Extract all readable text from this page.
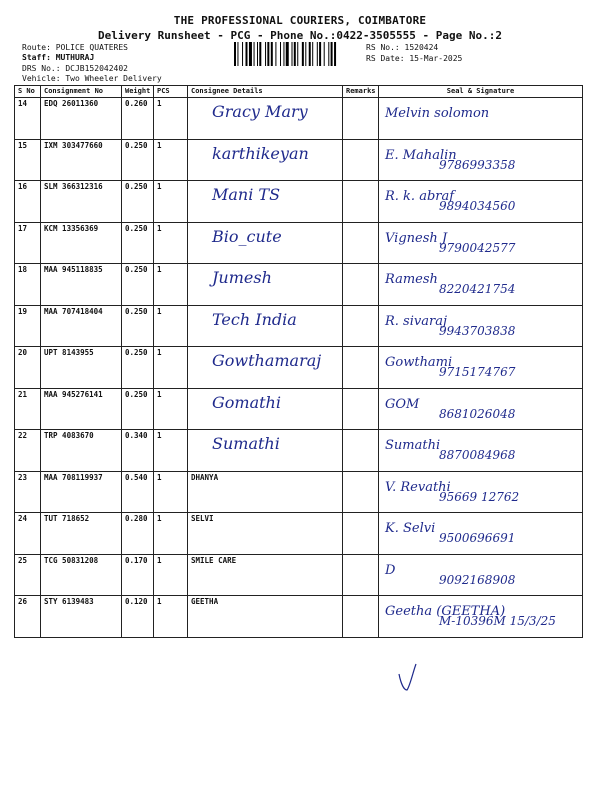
THE PROFESSIONAL COURIERS, COIMBATORE
Delivery Runsheet - PCG - Phone No.:0422-3505555 - Page No.:2
Route: POLICE QUATERES
Staff: MUTHURAJ
DRS No.: DCJB152042402
Vehicle: Two Wheeler Delivery
RS No.: 1520424
RS Date: 15-Mar-2025
S No	Consignment No	Weight	PCS	Consignee Details	Remarks	Seal & Signature
14	EDQ 26011360	0.260	1	Gracy Mary		Melvin solomon

15	IXM 303477660	0.250	1	karthikeyan		E. Mahalin
9786993358

16	SLM 366312316	0.250	1	Mani TS		R. k. abraf
9894034560

17	KCM 13356369	0.250	1	Bio_cute		Vignesh J
9790042577

18	MAA 945118835	0.250	1	Jumesh		Ramesh
8220421754

19	MAA 707418404	0.250	1	Tech India		R. sivaraj
9943703838

20	UPT 8143955	0.250	1	Gowthamaraj		Gowthami
9715174767

21	MAA 945276141	0.250	1	Gomathi		GOM
8681026048

22	TRP 4083670	0.340	1	Sumathi		Sumathi
8870084968

23	MAA 708119937	0.540	1	DHANYA		V. Revathi
95669 12762

24	TUT 718652	0.280	1	SELVI		K. Selvi
9500696691

25	TCG 50831208	0.170	1	SMILE CARE		D
9092168908

26	STY 6139483	0.120	1	GEETHA		Geetha (GEETHA)
M-10396M 15/3/25
